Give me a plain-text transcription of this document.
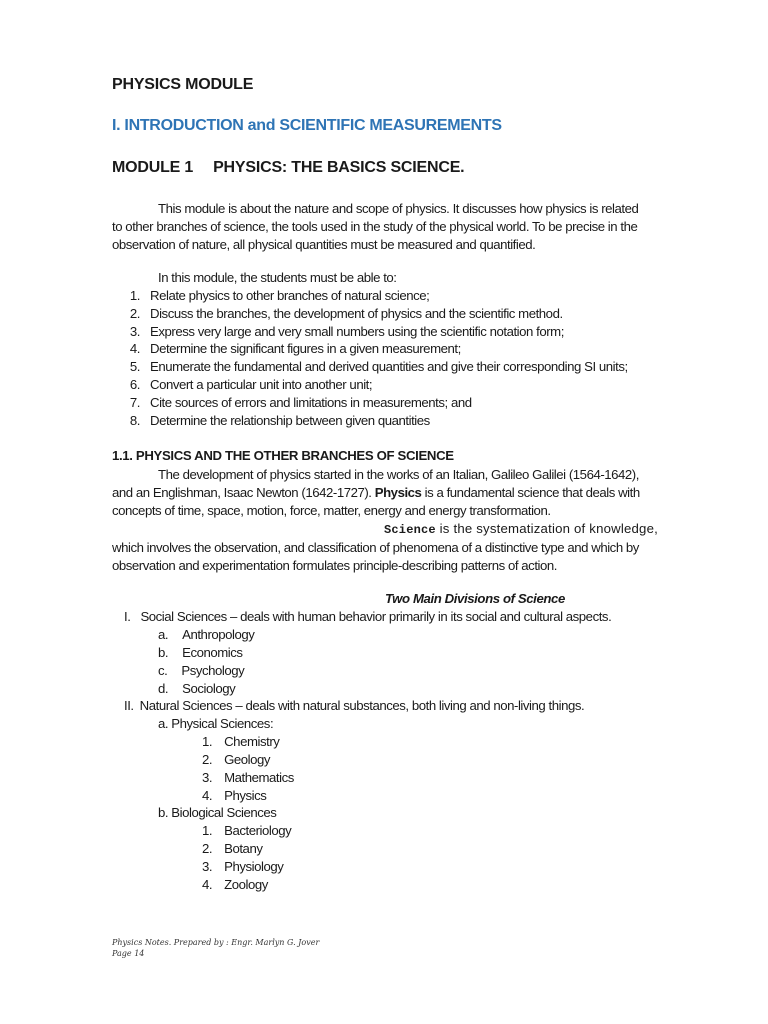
PHYSICS MODULE
I. INTRODUCTION and SCIENTIFIC MEASUREMENTS
MODULE 1 PHYSICS: THE BASICS SCIENCE.
This module is about the nature and scope of physics. It discusses how physics is related
to other branches of science, the tools used in the study of the physical world. To be precise in the
observation of nature, all physical quantities must be measured and quantified.
In this module, the students must be able to:
1. Relate physics to other branches of natural science;
2. Discuss the branches, the development of physics and the scientific method.
3. Express very large and very small numbers using the scientific notation form;
4. Determine the significant figures in a given measurement;
5. Enumerate the fundamental and derived quantities and give their corresponding SI units;
6. Convert a particular unit into another unit;
7. Cite sources of errors and limitations in measurements; and
8. Determine the relationship between given quantities
1.1. PHYSICS AND THE OTHER BRANCHES OF SCIENCE
The development of physics started in the works of an Italian, Galileo Galilei (1564-1642),
and an Englishman, Isaac Newton (1642-1727). Physics is a fundamental science that deals with
concepts of time, space, motion, force, matter, energy and energy transformation.
Science is the systematization of knowledge,
which involves the observation, and classification of phenomena of a distinctive type and which by
observation and experimentation formulates principle-describing patterns of action.
Two Main Divisions of Science
I. Social Sciences – deals with human behavior primarily in its social and cultural aspects.
a. Anthropology
b. Economics
c. Psychology
d. Sociology
II. Natural Sciences – deals with natural substances, both living and non-living things.
a. Physical Sciences:
1. Chemistry
2. Geology
3. Mathematics
4. Physics
b. Biological Sciences
1. Bacteriology
2. Botany
3. Physiology
4. Zoology
Physics Notes. Prepared by : Engr. Marlyn G. Jover
Page 14
